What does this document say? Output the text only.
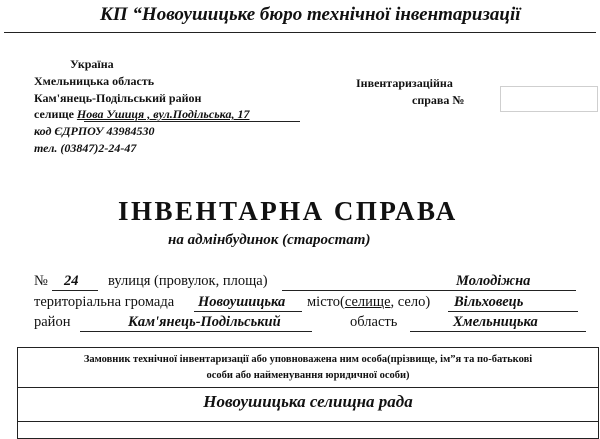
КП “Новоушицьке бюро технічної інвентаризації
Україна
Хмельницька область
Кам'янець-Подільський район
селище Нова Ушиця , вул.Подільська, 17
код ЄДРПОУ 43984530
тел. (03847)2-24-47
Інвентаризаційна
справа №
ІНВЕНТАРНА СПРАВА
на адмінбудинок (старостат)
№ 24 вулиця (провулок, площа)	Молодіжна
територіальна громада Новоушицька місто(селище, село) Вільховець
район	Кам'янець-Подільський	область	Хмельницька
Замовник технічної інвентаризації або уповноважена ним особа(прізвище, ім”я та по-батькові
особи або найменування юридичної особи)
Новоушицька селищна рада
